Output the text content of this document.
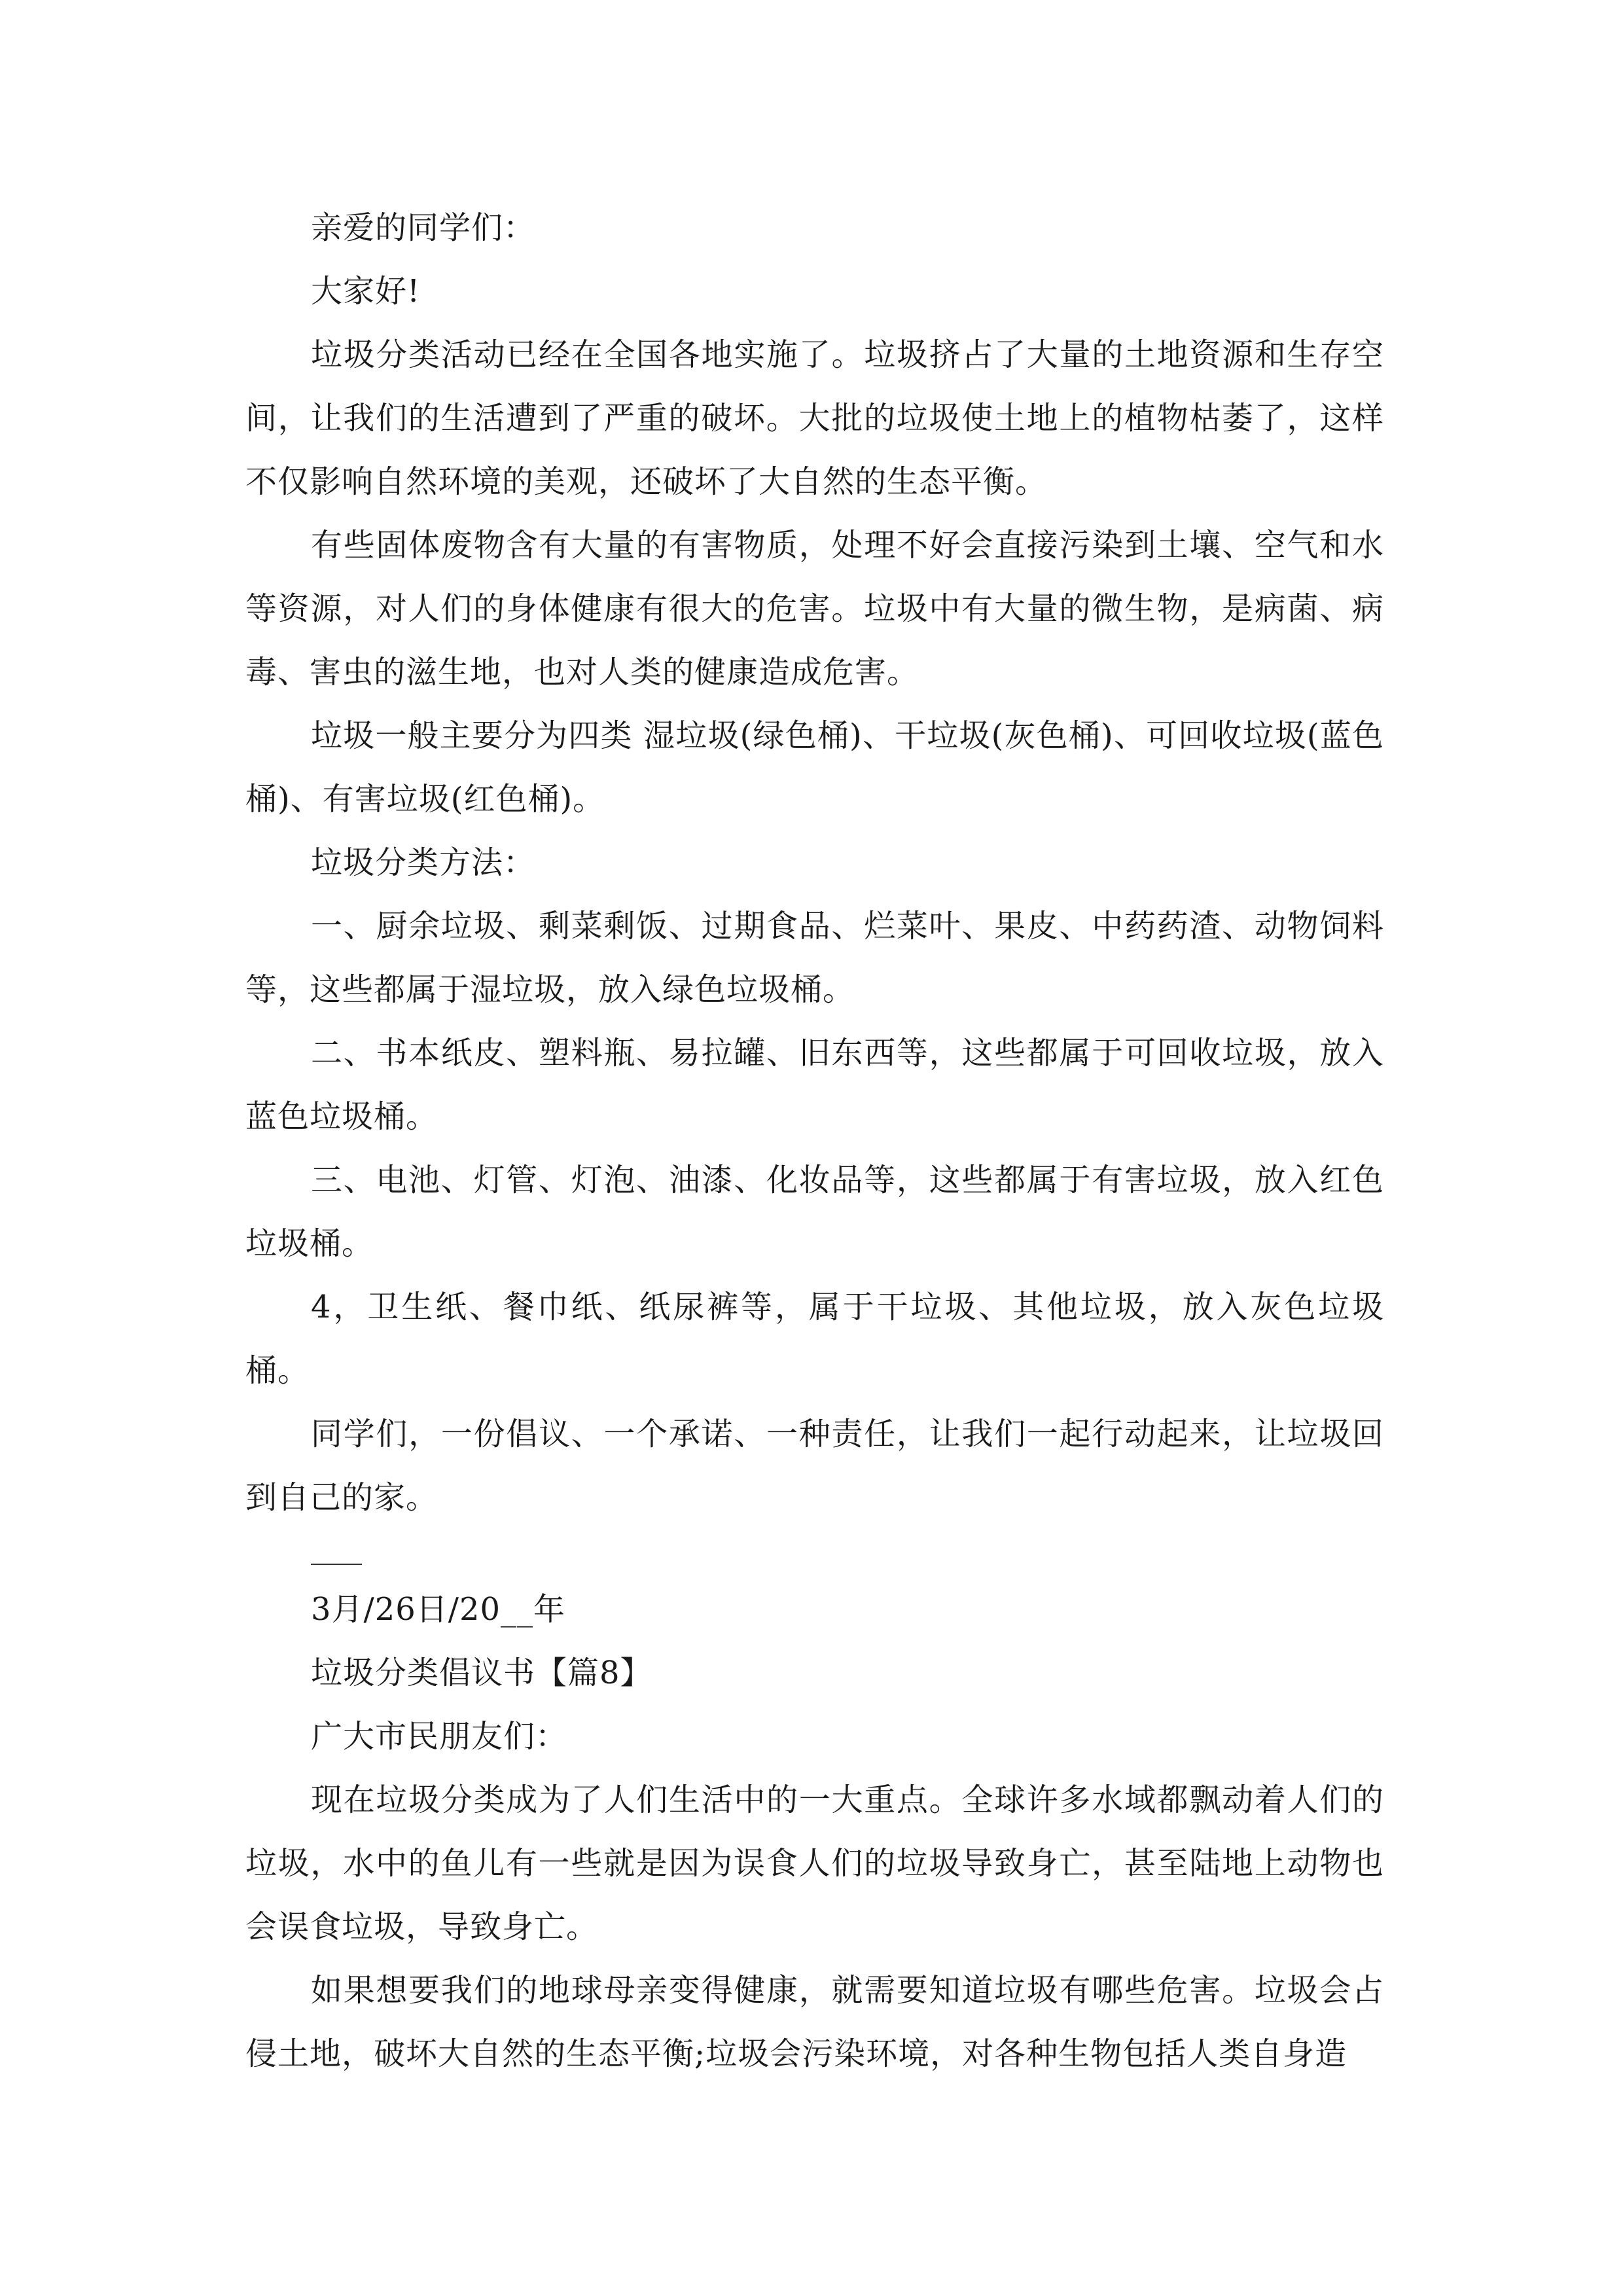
亲爱的同学们：

大家好!

垃圾分类活动已经在全国各地实施了。垃圾挤占了大量的土地资源和生存空间，让我们的生活遭到了严重的破坏。大批的垃圾使土地上的植物枯萎了，这样不仅影响自然环境的美观，还破坏了大自然的生态平衡。

有些固体废物含有大量的有害物质，处理不好会直接污染到土壤、空气和水等资源，对人们的身体健康有很大的危害。垃圾中有大量的微生物，是病菌、病毒、害虫的滋生地，也对人类的健康造成危害。

垃圾一般主要分为四类 湿垃圾(绿色桶)、干垃圾(灰色桶)、可回收垃圾(蓝色桶)、有害垃圾(红色桶)。

垃圾分类方法：

一、厨余垃圾、剩菜剩饭、过期食品、烂菜叶、果皮、中药药渣、动物饲料等，这些都属于湿垃圾，放入绿色垃圾桶。

二、书本纸皮、塑料瓶、易拉罐、旧东西等，这些都属于可回收垃圾，放入蓝色垃圾桶。

三、电池、灯管、灯泡、油漆、化妆品等，这些都属于有害垃圾，放入红色垃圾桶。

4，卫生纸、餐巾纸、纸尿裤等，属于干垃圾、其他垃圾，放入灰色垃圾桶。

同学们，一份倡议、一个承诺、一种责任，让我们一起行动起来，让垃圾回到自己的家。

3月/26日/20__年

垃圾分类倡议书【篇8】

广大市民朋友们：

现在垃圾分类成为了人们生活中的一大重点。全球许多水域都飘动着人们的垃圾，水中的鱼儿有一些就是因为误食人们的垃圾导致身亡，甚至陆地上动物也会误食垃圾，导致身亡。

如果想要我们的地球母亲变得健康，就需要知道垃圾有哪些危害。垃圾会占侵土地，破坏大自然的生态平衡;垃圾会污染环境，对各种生物包括人类自身造
